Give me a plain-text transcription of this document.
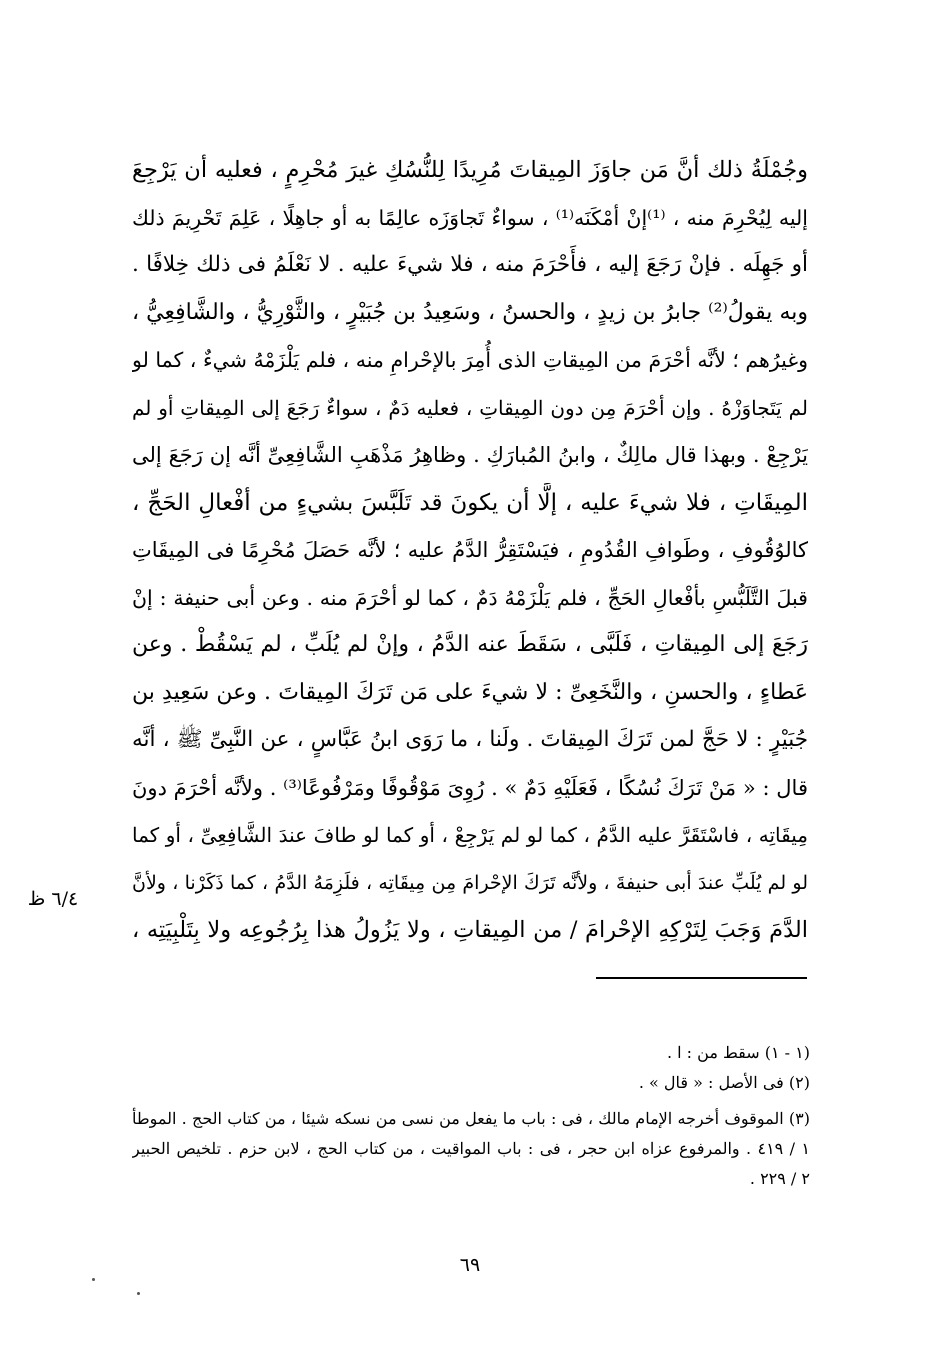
وجُمْلَةُ ذلك أنَّ مَن جاوَزَ المِيقاتَ مُرِيدًا لِلنُّسُكِ غيرَ مُحْرِمٍ ، فعليه أن يَرْجِعَ
إليه لِيُحْرِمَ منه ، ⁽¹⁾إنْ أمْكَنَه⁽¹⁾ ، سواءٌ تَجاوَزَه عالِمًا به أو جاهِلًا ، عَلِمَ تَحْرِيمَ ذلك
أو جَهِلَه . فإنْ رَجَعَ إليه ، فأَحْرَمَ منه ، فلا شيءَ عليه . لا نَعْلَمُ فى ذلك خِلافًا .
وبه يقولُ⁽²⁾ جابرُ بن زيدٍ ، والحسنُ ، وسَعِيدُ بن جُبَيْرٍ ، والثَّوْرِيُّ ، والشَّافِعِيُّ ،
وغيرُهم ؛ لأنَّه أحْرَمَ من المِيقاتِ الذى أُمِرَ بالإحْرامِ منه ، فلم يَلْزَمْهُ شيءٌ ، كما لو
لم يَتَجاوَزْهُ . وإن أحْرَمَ مِن دون المِيقاتِ ، فعليه دَمٌ ، سواءٌ رَجَعَ إلى المِيقاتِ أو لم
يَرْجِعْ . وبهذا قال مالِكٌ ، وابنُ المُبارَكِ . وظاهِرُ مَذْهَبِ الشَّافِعِىِّ أنَّه إن رَجَعَ إلى
المِيقَاتِ ، فلا شيءَ عليه ، إلَّا أن يكونَ قد تَلَبَّسَ بشيءٍ من أفْعالِ الحَجِّ ،
كالوُقُوفِ ، وطَوافِ القُدُومِ ، فيَسْتَقِرُّ الدَّمُ عليه ؛ لأنَّه حَصَلَ مُحْرِمًا فى المِيقَاتِ
قبلَ التَّلَبُّسِ بأفْعالِ الحَجِّ ، فلم يَلْزَمْهُ دَمٌ ، كما لو أحْرَمَ منه . وعن أبى حنيفة : إنْ
رَجَعَ إلى المِيقاتِ ، فَلَبَّى ، سَقَطَ عنه الدَّمُ ، وإنْ لم يُلَبِّ ، لم يَسْقُطْ . وعن
عَطاءٍ ، والحسنِ ، والنَّخَعِىِّ : لا شيءَ على مَن تَرَكَ المِيقاتَ . وعن سَعِيدِ بن
جُبَيْرٍ : لا حَجَّ لمن تَرَكَ المِيقاتَ . ولَنا ، ما رَوَى ابنُ عَبَّاسٍ ، عن النَّبِىِّ ﷺ ، أنَّه
قال : « مَنْ تَرَكَ نُسُكًا ، فَعَلَيْهِ دَمٌ » . رُوِىَ مَوْقُوفًا ومَرْفُوعًا⁽³⁾ . ولأنَّه أحْرَمَ دونَ
مِيقَاتِه ، فاسْتَقَرَّ عليه الدَّمُ ، كما لو لم يَرْجِعْ ، أو كما لو طافَ عندَ الشَّافِعِىِّ ، أو كما
لو لم يُلَبِّ عندَ أبى حنيفةَ ، ولأنَّه تَرَكَ الإحْرامَ مِن مِيقَاتِه ، فلَزِمَهُ الدَّمُ ، كما ذَكَرْنا ، ولأنَّ
الدَّمَ وَجَبَ لِتَرْكِهِ الإحْرامَ / من المِيقاتِ ، ولا يَزُولُ هذا بِرُجُوعِه ولا بِتَلْبِيَتِه ،
٦/٤ ظ
(١ - ١) سقط من : ا .
(٢) فى الأصل : « قال » .
(٣) الموقوف أخرجه الإمام مالك ، فى : باب ما يفعل من نسى من نسكه شيئا ، من كتاب الحج . الموطأ
١ / ٤١٩ . والمرفوع عزاه ابن حجر ، فى : باب المواقيت ، من كتاب الحج ، لابن حزم . تلخيص الحبير
٢ / ٢٢٩ .
٦٩
